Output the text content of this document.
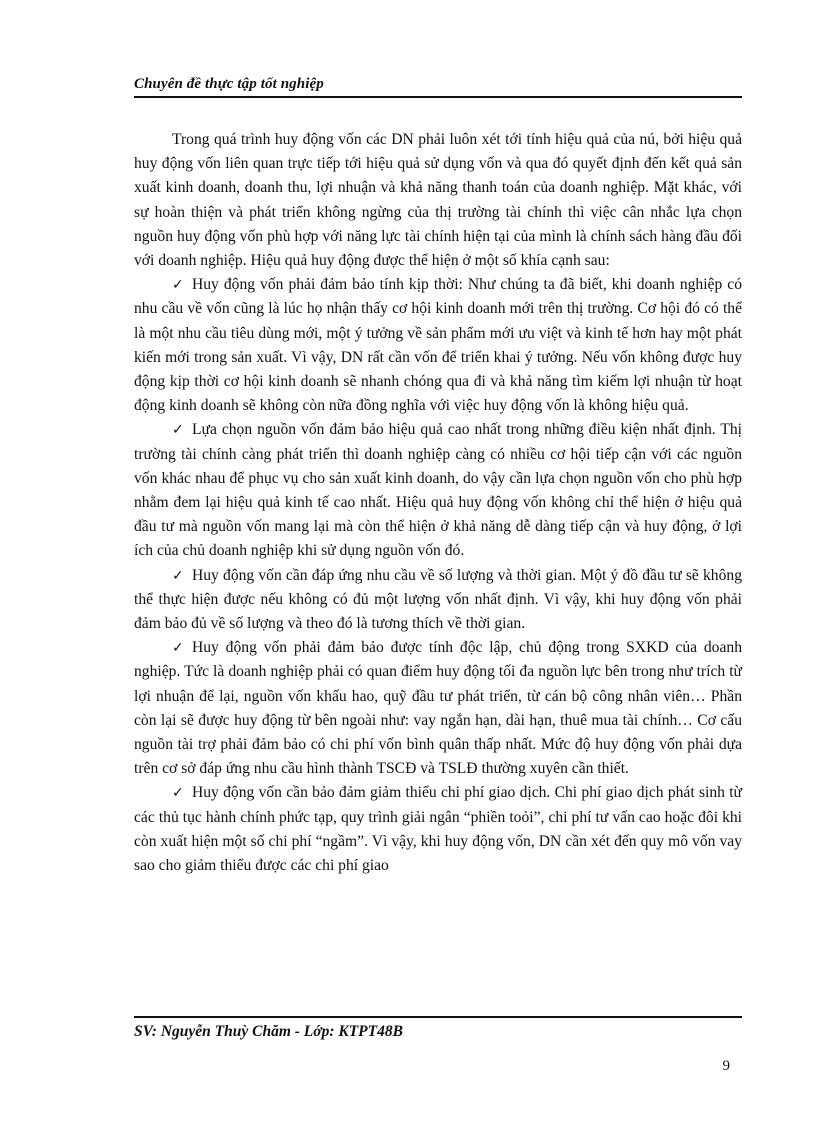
Chuyên đề thực tập tốt nghiệp

Trong quá trình huy động vốn các DN phải luôn xét tới tính hiệu quả của nú, bởi hiệu quả huy động vốn liên quan trực tiếp tới hiệu quả sử dụng vốn và qua đó quyết định đến kết quả sản xuất kinh doanh, doanh thu, lợi nhuận và khả năng thanh toán của doanh nghiệp. Mặt khác, với sự hoàn thiện và phát triển không ngừng của thị trường tài chính thì việc cân nhắc lựa chọn nguồn huy động vốn phù hợp với năng lực tài chính hiện tại của mình là chính sách hàng đầu đối với doanh nghiệp. Hiệu quả huy động được thể hiện ở một số khía cạnh sau:

✓ Huy động vốn phải đảm bảo tính kịp thời: Như chúng ta đã biết, khi doanh nghiệp có nhu cầu về vốn cũng là lúc họ nhận thấy cơ hội kinh doanh mới trên thị trường. Cơ hội đó có thể là một nhu cầu tiêu dùng mới, một ý tưởng về sản phẩm mới ưu việt và kinh tế hơn hay một phát kiến mới trong sản xuất. Vì vậy, DN rất cần vốn để triển khai ý tưởng. Nếu vốn không được huy động kịp thời cơ hội kinh doanh sẽ nhanh chóng qua đi và khả năng tìm kiếm lợi nhuận từ hoạt động kinh doanh sẽ không còn nữa đồng nghĩa với việc huy động vốn là không hiệu quả.

✓ Lựa chọn nguồn vốn đảm bảo hiệu quả cao nhất trong những điều kiện nhất định. Thị trường tài chính càng phát triển thì doanh nghiệp càng có nhiều cơ hội tiếp cận với các nguồn vốn khác nhau để phục vụ cho sản xuất kinh doanh, do vậy cần lựa chọn nguồn vốn cho phù hợp nhằm đem lại hiệu quả kinh tế cao nhất. Hiệu quả huy động vốn không chỉ thể hiện ở hiệu quả đầu tư mà nguồn vốn mang lại mà còn thể hiện ở khả năng dễ dàng tiếp cận và huy động, ở lợi ích của chủ doanh nghiệp khi sử dụng nguồn vốn đó.

✓ Huy động vốn cần đáp ứng nhu cầu về số lượng và thời gian. Một ý đồ đầu tư sẽ không thể thực hiện được nếu không có đủ một lượng vốn nhất định. Vì vậy, khi huy động vốn phải đảm bảo đủ về số lượng và theo đó là tương thích về thời gian.

✓ Huy động vốn phải đảm bảo được tính độc lập, chủ động trong SXKD của doanh nghiệp. Tức là doanh nghiệp phải có quan điểm huy động tối đa nguồn lực bên trong như trích từ lợi nhuận để lại, nguồn vốn khấu hao, quỹ đầu tư phát triển, từ cán bộ công nhân viên… Phần còn lại sẽ được huy động từ bên ngoài như: vay ngắn hạn, dài hạn, thuê mua tài chính… Cơ cấu nguồn tài trợ phải đảm bảo có chi phí vốn bình quân thấp nhất. Mức độ huy động vốn phải dựa trên cơ sở đáp ứng nhu cầu hình thành TSCĐ và TSLĐ thường xuyên cần thiết.

✓ Huy động vốn cần bảo đảm giảm thiểu chi phí giao dịch. Chi phí giao dịch phát sinh từ các thủ tục hành chính phức tạp, quy trình giải ngân “phiền toỏi”, chi phí tư vấn cao hoặc đôi khi còn xuất hiện một số chi phí “ngầm”. Vì vậy, khi huy động vốn, DN cần xét đến quy mô vốn vay sao cho giảm thiểu được các chi phí giao

SV: Nguyễn Thuỳ Chăm - Lớp: KTPT48B
9
